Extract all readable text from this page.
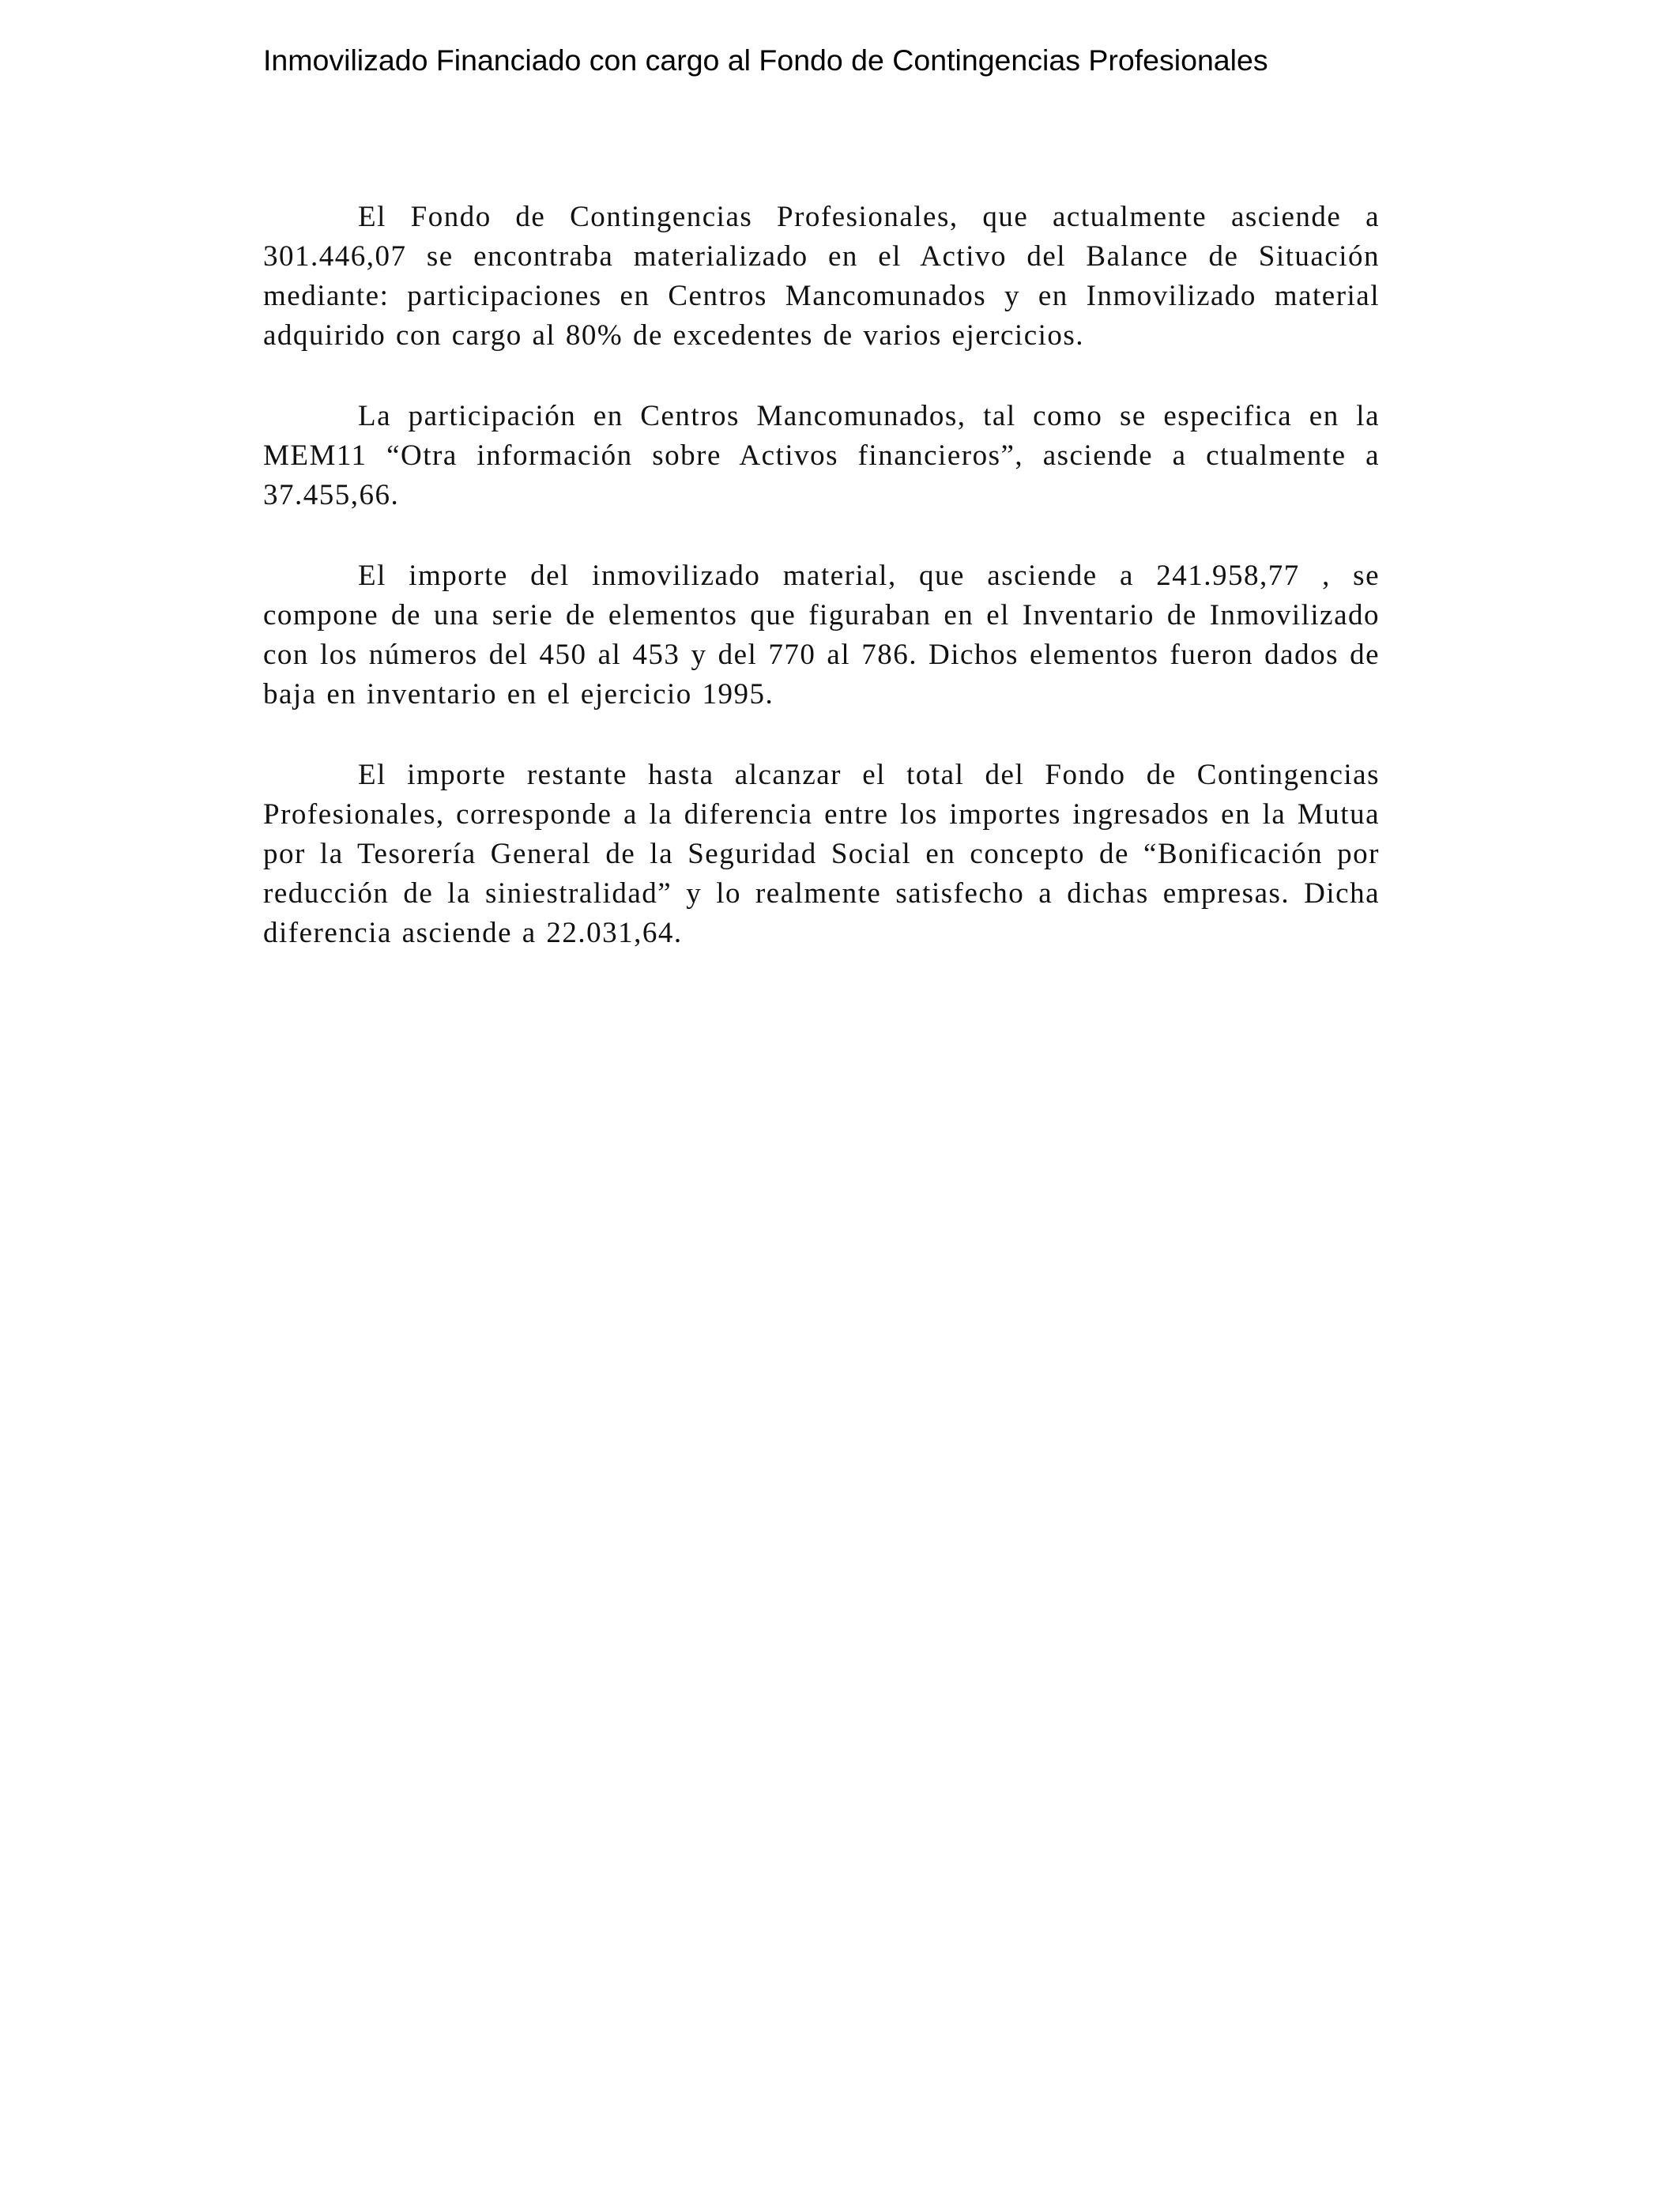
Inmovilizado Financiado con cargo al Fondo de Contingencias Profesionales

El Fondo de Contingencias Profesionales, que actualmente asciende a 301.446,07 se encontraba materializado en el Activo del Balance de Situación mediante: participaciones en Centros Mancomunados y en Inmovilizado material adquirido con cargo al 80% de excedentes de varios ejercicios.

La participación en Centros Mancomunados, tal como se especifica en la MEM11 “Otra información sobre Activos financieros”, asciende a ctualmente a 37.455,66.

El importe del inmovilizado material, que asciende a 241.958,77 , se compone de una serie de elementos que figuraban en el Inventario de Inmovilizado con los números del 450 al 453 y del 770 al 786. Dichos elementos fueron dados de baja en inventario en el ejercicio 1995.

El importe restante hasta alcanzar el total del Fondo de Contingencias Profesionales, corresponde a la diferencia entre los importes ingresados en la Mutua por la Tesorería General de la Seguridad Social en concepto de “Bonificación por reducción de la siniestralidad” y lo realmente satisfecho a dichas empresas. Dicha diferencia asciende a 22.031,64.
